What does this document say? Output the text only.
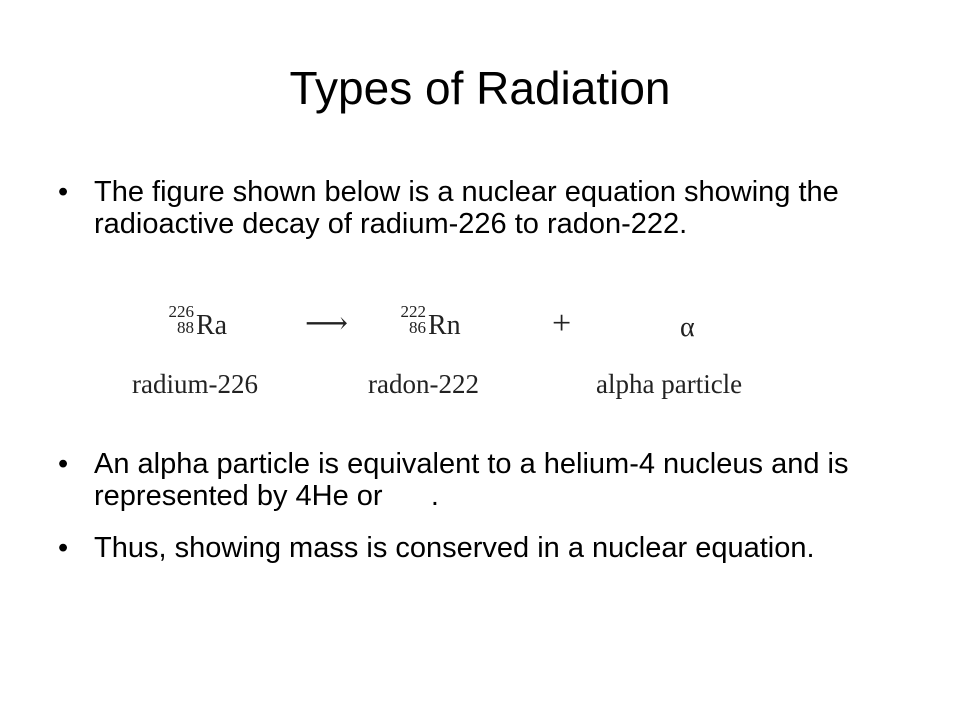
Types of Radiation
• The figure shown below is a nuclear equation showing the radioactive decay of radium-226 to radon-222.
226
88 Ra	⟶	222
86 Rn	+	α
radium-226	radon-222	alpha particle
• An alpha particle is equivalent to a helium-4 nucleus and is represented by 4He or      .
• Thus, showing mass is conserved in a nuclear equation.
